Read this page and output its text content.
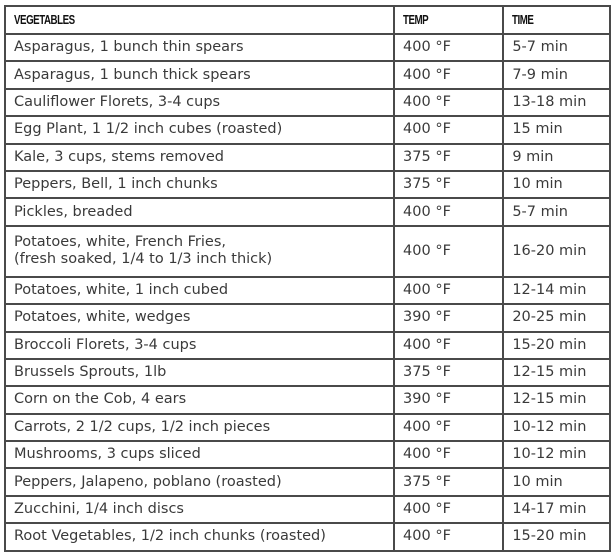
VEGETABLES	TEMP	TIME
Asparagus, 1 bunch thin spears	400 °F	5-7 min
Asparagus, 1 bunch thick spears	400 °F	7-9 min
Cauliflower Florets, 3-4 cups	400 °F	13-18 min
Egg Plant, 1 1/2 inch cubes (roasted)	400 °F	15 min
Kale, 3 cups, stems removed	375 °F	9 min
Peppers, Bell, 1 inch chunks	375 °F	10 min
Pickles, breaded	400 °F	5-7 min

Potatoes, white, French Fries,
(fresh soaked, 1/4 to 1/3 inch thick)	400 °F	16-20 min
Potatoes, white, 1 inch cubed	400 °F	12-14 min
Potatoes, white, wedges	390 °F	20-25 min
Broccoli Florets, 3-4 cups	400 °F	15-20 min
Brussels Sprouts, 1lb	375 °F	12-15 min
Corn on the Cob, 4 ears	390 °F	12-15 min
Carrots, 2 1/2 cups, 1/2 inch pieces	400 °F	10-12 min
Mushrooms, 3 cups sliced	400 °F	10-12 min
Peppers, Jalapeno, poblano (roasted)	375 °F	10 min
Zucchini, 1/4 inch discs	400 °F	14-17 min
Root Vegetables, 1/2 inch chunks (roasted)	400 °F	15-20 min
